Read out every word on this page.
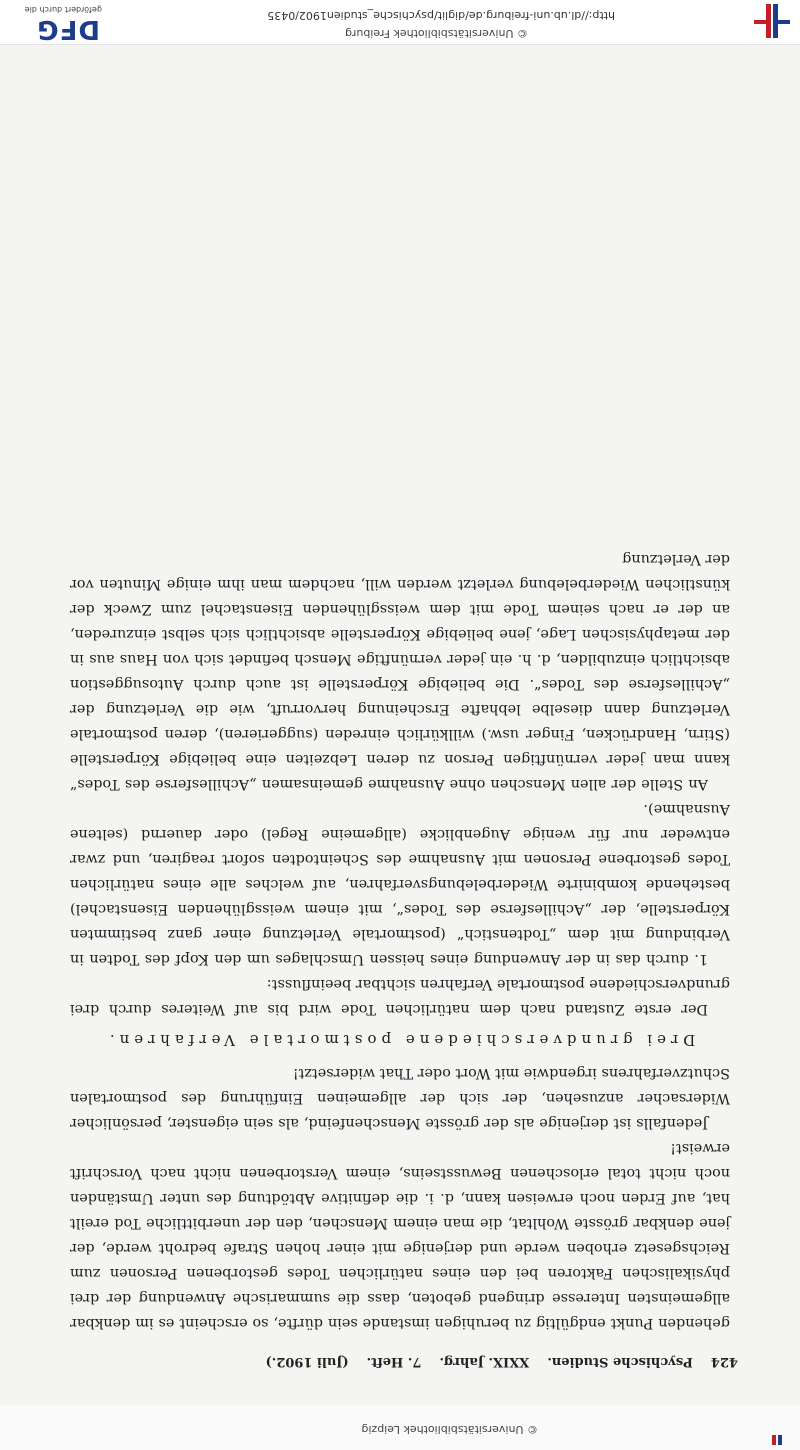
© Universitätsbibliothek Leipzig
424
Psychische Studien.
XXIX. Jahrg.
7. Heft.
(Juli 1902.)

gehenden Punkt endgültig zu beruhigen imstande sein dürfte, so erscheint es im denkbar allgemeinsten Interesse dringend geboten, dass die summarische Anwendung der drei physikalischen Faktoren bei den eines natürlichen Todes gestorbenen Personen zum Reichsgesetz erhoben werde und derjenige mit einer hohen Strafe bedroht werde, der jene denkbar grösste Wohltat, die man einem Menschen, den der unerbittliche Tod ereilt hat, auf Erden noch erweisen kann, d. i. die definitive Abtödtung des unter Umständen noch nicht total erloschenen Bewusstseins, einem Verstorbenen nicht nach Vorschrift erweist!

Jedenfalls ist derjenige als der grösste Menschenfeind, als sein eigenster, persönlicher Widersacher anzusehen, der sich der allgemeinen Einführung des postmortalen Schutzverfahrens irgendwie mit Wort oder That widersetzt!

Drei grundverschiedene postmortale Verfahren.

Der erste Zustand nach dem natürlichen Tode wird bis auf Weiteres durch drei grundverschiedene postmortale Verfahren sichtbar beeinflusst:

1. durch das in der Anwendung eines heissen Umschlages um den Kopf des Todten in Verbindung mit dem „Todtenstich“ (postmortale Verletzung einer ganz bestimmten Körperstelle, der „Achillesferse des Todes“, mit einem weissglühenden Eisenstachel) bestehende kombinirte Wiederbelebungsverfahren, auf welches alle eines natürlichen Todes gestorbene Personen mit Ausnahme des Scheintodten sofort reagiren, und zwar entweder nur für wenige Augenblicke (allgemeine Regel) oder dauernd (seltene Ausnahme).

An Stelle der allen Menschen ohne Ausnahme gemeinsamen „Achillesferse des Todes“ kann man jeder vernünftigen Person zu deren Lebzeiten eine beliebige Körperstelle (Stirn, Handrücken, Finger usw.) willkürlich einreden (suggerieren), deren postmortale Verletzung dann dieselbe lebhafte Erscheinung hervorruft, wie die Verletzung der „Achillesferse des Todes“. Die beliebige Körperstelle ist auch durch Autosuggestion absichtlich einzubilden, d. h. ein jeder vernünftige Mensch befindet sich von Haus aus in der metaphysischen Lage, jene beliebige Körperstelle absichtlich sich selbst einzureden, an der er nach seinem Tode mit dem weissglühenden Eisenstachel zum Zweck der künstlichen Wiederbelebung verletzt werden will, nachdem man ihm einige Minuten vor der Verletzung

http://dl.ub.uni-freiburg.de/diglit/psychische_studien1902/0435
© Universitätsbibliothek Freiburg
gefördert durch die
DFG
